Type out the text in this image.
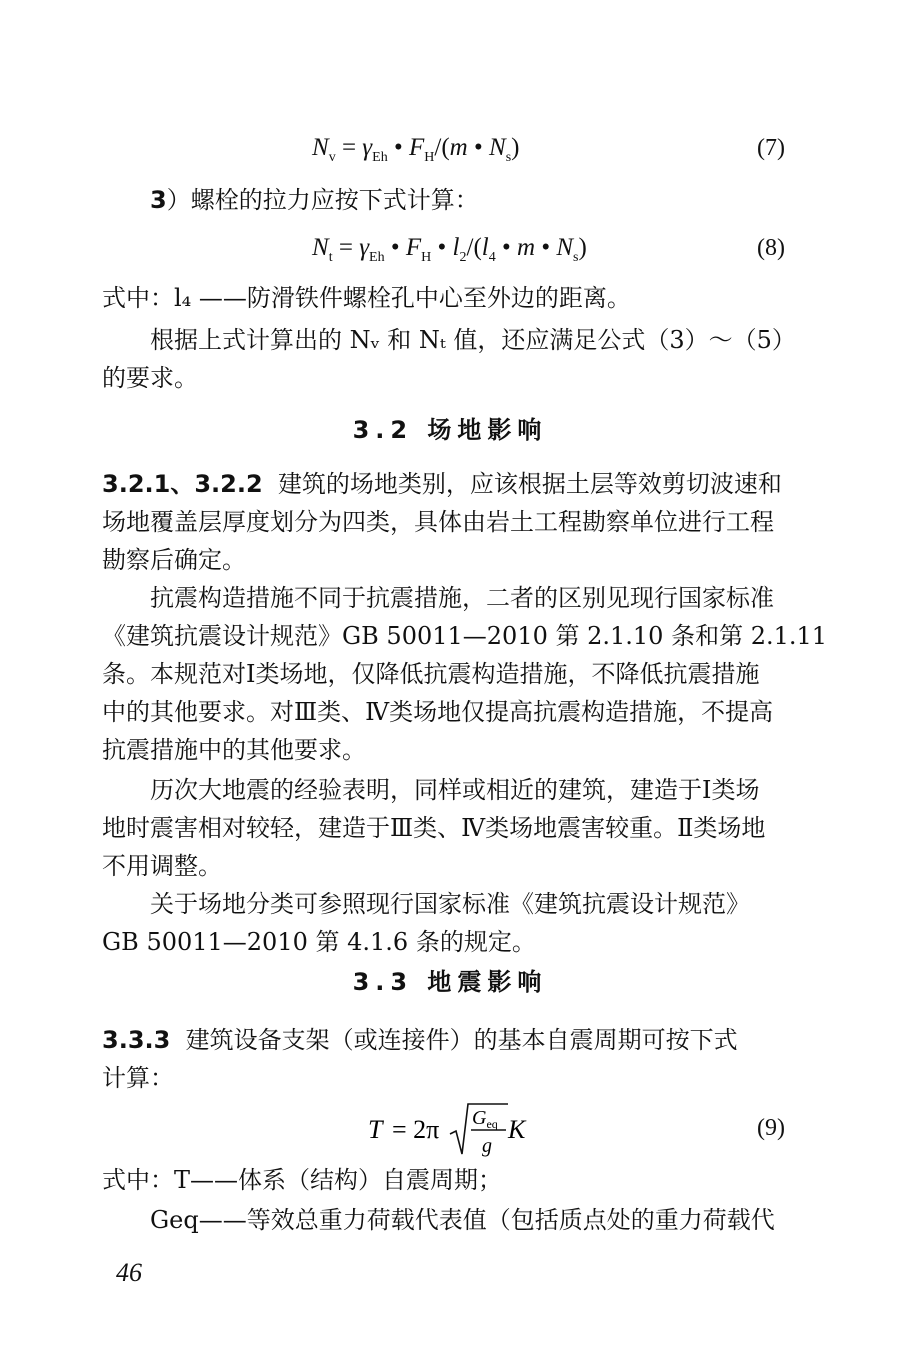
$N_v = \gamma_{Eh}$ • $F_H/(m$ • $N_s$)	(7)
3）螺栓的拉力应按下式计算：
$N_t = \gamma_{Eh}$ • $F_H$ • $l_2/(l_4$ • m • $N_s$)	(8)
式中：l₄ ——防滑铁件螺栓孔中心至外边的距离。
根据上式计算出的 Nᵥ 和 Nₜ 值，还应满足公式（3）～（5）
的要求。
3.2 场地影响
3.2.1、3.2.2 建筑的场地类别，应该根据土层等效剪切波速和
场地覆盖层厚度划分为四类，具体由岩土工程勘察单位进行工程
勘察后确定。
抗震构造措施不同于抗震措施，二者的区别见现行国家标准
《建筑抗震设计规范》GB 50011—2010 第 2.1.10 条和第 2.1.11
条。本规范对Ⅰ类场地，仅降低抗震构造措施，不降低抗震措施
中的其他要求。对Ⅲ类、Ⅳ类场地仅提高抗震构造措施，不提高
抗震措施中的其他要求。
历次大地震的经验表明，同样或相近的建筑，建造于Ⅰ类场
地时震害相对较轻，建造于Ⅲ类、Ⅳ类场地震害较重。Ⅱ类场地
不用调整。
关于场地分类可参照现行国家标准《建筑抗震设计规范》
GB 50011—2010 第 4.1.6 条的规定。
3.3 地震影响
3.3.3 建筑设备支架（或连接件）的基本自震周期可按下式
计算：
T = 2π $G_{eq}$
g
K	(9)
式中：T——体系（结构）自震周期；
Geq——等效总重力荷载代表值（包括质点处的重力荷载代
46
